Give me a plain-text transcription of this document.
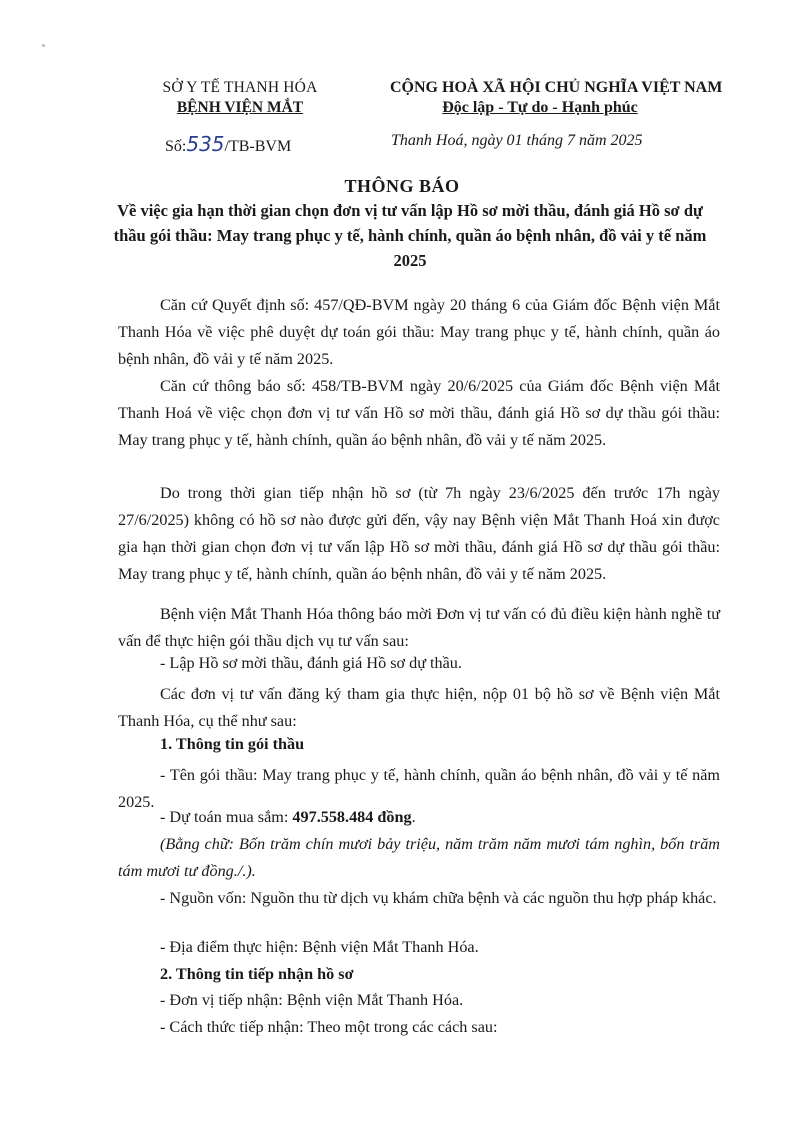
SỞ Y TẾ THANH HÓA
BỆNH VIỆN MẮT
CỘNG HOÀ XÃ HỘI CHỦ NGHĨA VIỆT NAM
Độc lập - Tự do - Hạnh phúc
Số:535/TB-BVM	Thanh Hoá, ngày 01 tháng 7 năm 2025
THÔNG BÁO
Về việc gia hạn thời gian chọn đơn vị tư vấn lập Hồ sơ mời thầu, đánh giá Hồ sơ dự thầu gói thầu: May trang phục y tế, hành chính, quần áo bệnh nhân, đồ vải y tế năm 2025
Căn cứ Quyết định số: 457/QĐ-BVM ngày 20 tháng 6 của Giám đốc Bệnh viện Mắt Thanh Hóa về việc phê duyệt dự toán gói thầu: May trang phục y tế, hành chính, quần áo bệnh nhân, đồ vải y tế năm 2025.
Căn cứ thông báo số: 458/TB-BVM ngày 20/6/2025 của Giám đốc Bệnh viện Mắt Thanh Hoá về việc chọn đơn vị tư vấn Hồ sơ mời thầu, đánh giá Hồ sơ dự thầu gói thầu: May trang phục y tế, hành chính, quần áo bệnh nhân, đồ vải y tế năm 2025.
Do trong thời gian tiếp nhận hồ sơ (từ 7h ngày 23/6/2025 đến trước 17h ngày 27/6/2025) không có hồ sơ nào được gửi đến, vậy nay Bệnh viện Mắt Thanh Hoá xin được gia hạn thời gian chọn đơn vị tư vấn lập Hồ sơ mời thầu, đánh giá Hồ sơ dự thầu gói thầu: May trang phục y tế, hành chính, quần áo bệnh nhân, đồ vải y tế năm 2025.
Bệnh viện Mắt Thanh Hóa thông báo mời Đơn vị tư vấn có đủ điều kiện hành nghề tư vấn để thực hiện gói thầu dịch vụ tư vấn sau:
- Lập Hồ sơ mời thầu, đánh giá Hồ sơ dự thầu.
Các đơn vị tư vấn đăng ký tham gia thực hiện, nộp 01 bộ hồ sơ về Bệnh viện Mắt Thanh Hóa, cụ thể như sau:
1. Thông tin gói thầu
- Tên gói thầu: May trang phục y tế, hành chính, quần áo bệnh nhân, đồ vải y tế năm 2025.
- Dự toán mua sắm: 497.558.484 đồng.
(Bằng chữ: Bốn trăm chín mươi bảy triệu, năm trăm năm mươi tám nghìn, bốn trăm tám mươi tư đồng./.).
- Nguồn vốn: Nguồn thu từ dịch vụ khám chữa bệnh và các nguồn thu hợp pháp khác.
- Địa điểm thực hiện: Bệnh viện Mắt Thanh Hóa.
2. Thông tin tiếp nhận hồ sơ
- Đơn vị tiếp nhận: Bệnh viện Mắt Thanh Hóa.
- Cách thức tiếp nhận: Theo một trong các cách sau:
